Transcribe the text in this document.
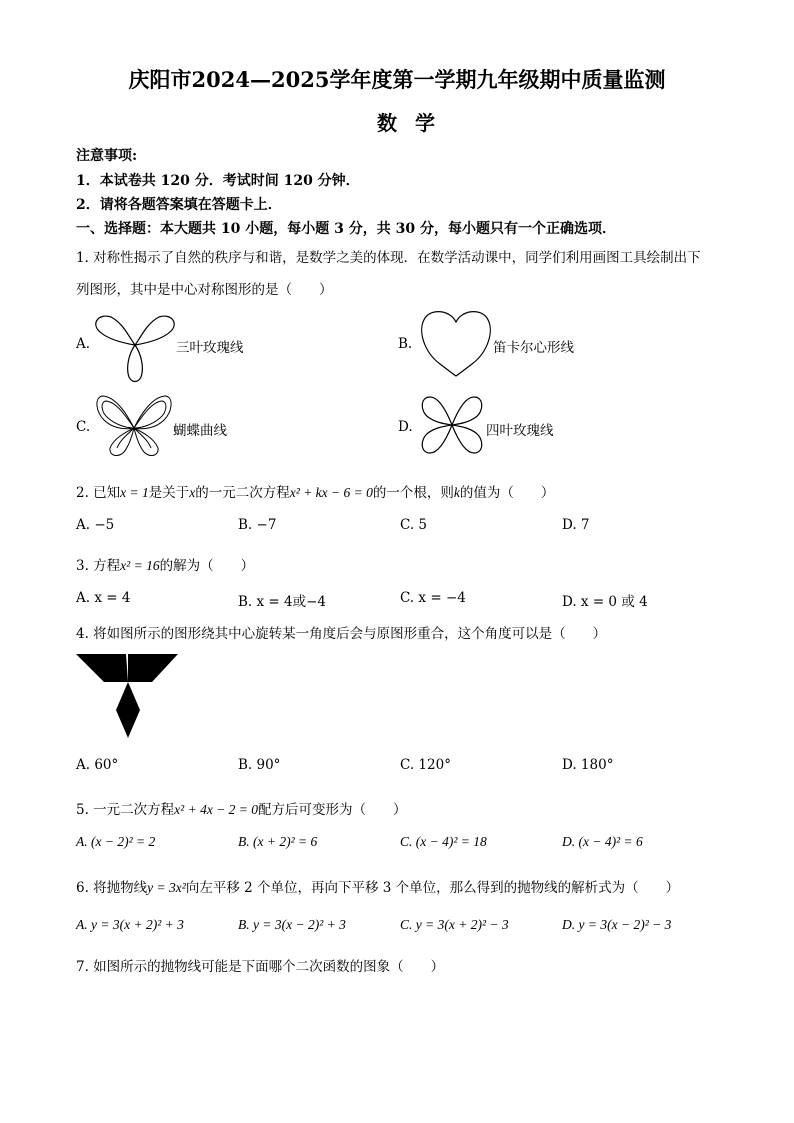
庆阳市2024—2025学年度第一学期九年级期中质量监测
数学
注意事项:
1．本试卷共 120 分．考试时间 120 分钟．
2．请将各题答案填在答题卡上．
一、选择题：本大题共 10 小题，每小题 3 分，共 30 分，每小题只有一个正确选项．
1. 对称性揭示了自然的秩序与和谐，是数学之美的体现．在数学活动课中，同学们利用画图工具绘制出下
列图形，其中是中心对称图形的是（　　）
A.	三叶玫瑰线	B.	笛卡尔心形线
C.	蝴蝶曲线	D.	四叶玫瑰线
2. 已知x = 1是关于x的一元二次方程x² + kx − 6 = 0的一个根，则k的值为（　　）
A. −5	B. −7	C. 5	D. 7
3. 方程x² = 16的解为（　　）
A. x = 4	B. x = 4或−4	C. x = −4	D. x = 0 或 4
4. 将如图所示的图形绕其中心旋转某一角度后会与原图形重合，这个角度可以是（　　）
A. 60°	B. 90°	C. 120°	D. 180°
5. 一元二次方程x² + 4x − 2 = 0配方后可变形为（　　）
A. (x − 2)² = 2	B. (x + 2)² = 6	C. (x − 4)² = 18	D. (x − 4)² = 6
6. 将抛物线y = 3x²向左平移 2 个单位，再向下平移 3 个单位，那么得到的抛物线的解析式为（　　）
A. y = 3(x + 2)² + 3	B. y = 3(x − 2)² + 3	C. y = 3(x + 2)² − 3	D. y = 3(x − 2)² − 3
7. 如图所示的抛物线可能是下面哪个二次函数的图象（　　）
